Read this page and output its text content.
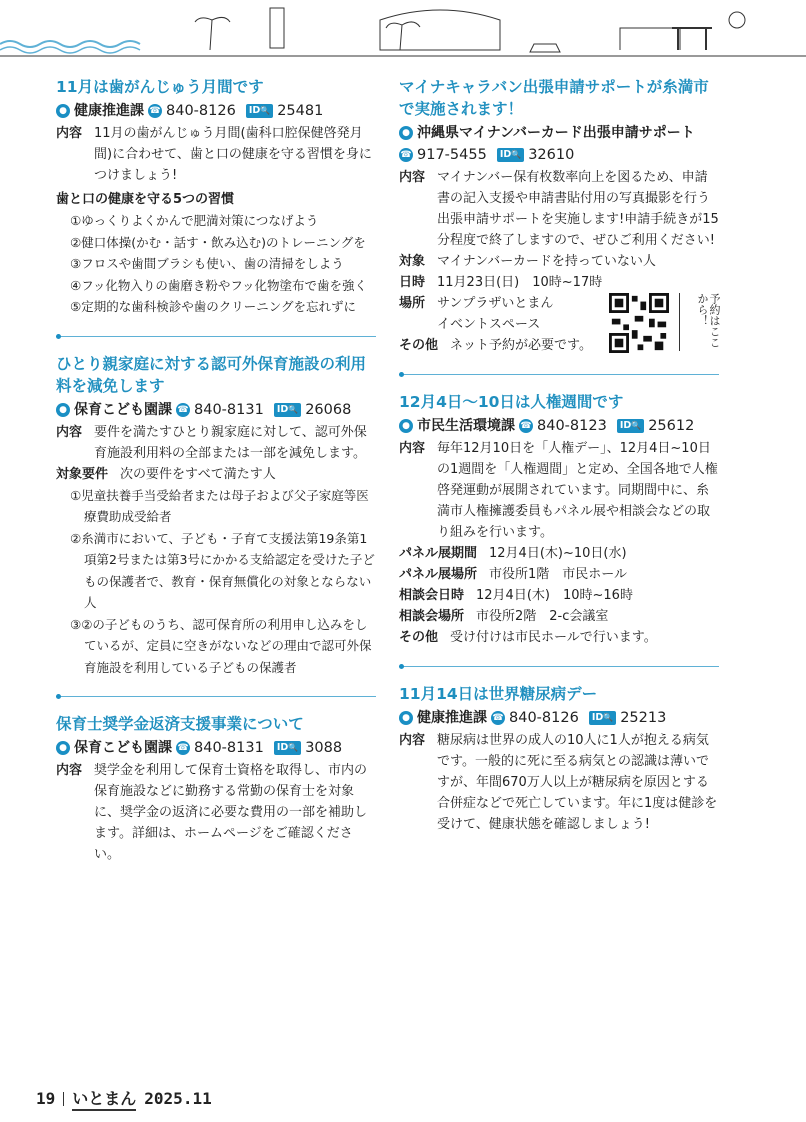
11月は歯がんじゅう月間です
● 健康推進課 ☎ 840-8126	ID🔍 25481
内容 11月の歯がんじゅう月間(歯科口腔保健啓発月間)に合わせて、歯と口の健康を守る習慣を身につけましょう!
歯と口の健康を守る5つの習慣
①ゆっくりよくかんで肥満対策につなげよう
②健口体操(かむ・話す・飲み込む)のトレーニングを
③フロスや歯間ブラシも使い、歯の清掃をしよう
④フッ化物入りの歯磨き粉やフッ化物塗布で歯を強く
⑤定期的な歯科検診や歯のクリーニングを忘れずに
ひとり親家庭に対する認可外保育施設の利用料を減免します
● 保育こども園課 ☎ 840-8131	ID🔍 26068
内容 要件を満たすひとり親家庭に対して、認可外保育施設利用料の全部または一部を減免します。
対象要件 次の要件をすべて満たす人
①児童扶養手当受給者または母子および父子家庭等医療費助成受給者
②糸満市において、子ども・子育て支援法第19条第1項第2号または第3号にかかる支給認定を受けた子どもの保護者で、教育・保育無償化の対象とならない人
③②の子どものうち、認可保育所の利用申し込みをしているが、定員に空きがないなどの理由で認可外保育施設を利用している子どもの保護者
保育士奨学金返済支援事業について
● 保育こども園課 ☎ 840-8131	ID🔍 3088
内容 奨学金を利用して保育士資格を取得し、市内の保育施設などに勤務する常勤の保育士を対象に、奨学金の返済に必要な費用の一部を補助します。詳細は、ホームページをご確認ください。
マイナキャラバン出張申請サポートが糸満市で実施されます！
● 沖縄県マイナンバーカード出張申請サポート
☎ 917-5455	ID🔍 32610
内容 マイナンバー保有枚数率向上を図るため、申請書の記入支援や申請書貼付用の写真撮影を行う出張申請サポートを実施します!申請手続きが15分程度で終了しますので、ぜひご利用ください!
対象 マイナンバーカードを持っていない人
日時 11月23日(日)　10時~17時
場所 サンプラザいとまん
イベントスペース
その他 ネット予約が必要です。	予約はここから！
12月4日～10日は人権週間です
● 市民生活環境課 ☎ 840-8123	ID🔍 25612
内容 毎年12月10日を「人権デー」、12月4日~10日の1週間を「人権週間」と定め、全国各地で人権啓発運動が展開されています。同期間中に、糸満市人権擁護委員もパネル展や相談会などの取り組みを行います。
パネル展期間 12月4日(木)~10日(水)
パネル展場所 市役所1階　市民ホール
相談会日時 12月4日(木)　10時~16時
相談会場所 市役所2階　2-c会議室
その他 受け付けは市民ホールで行います。
11月14日は世界糖尿病デー
● 健康推進課 ☎ 840-8126	ID🔍 25213
内容 糖尿病は世界の成人の10人に1人が抱える病気です。一般的に死に至る病気との認識は薄いですが、年間670万人以上が糖尿病を原因とする合併症などで死亡しています。年に1度は健診を受けて、健康状態を確認しましょう!
19 いとまん 2025.11
